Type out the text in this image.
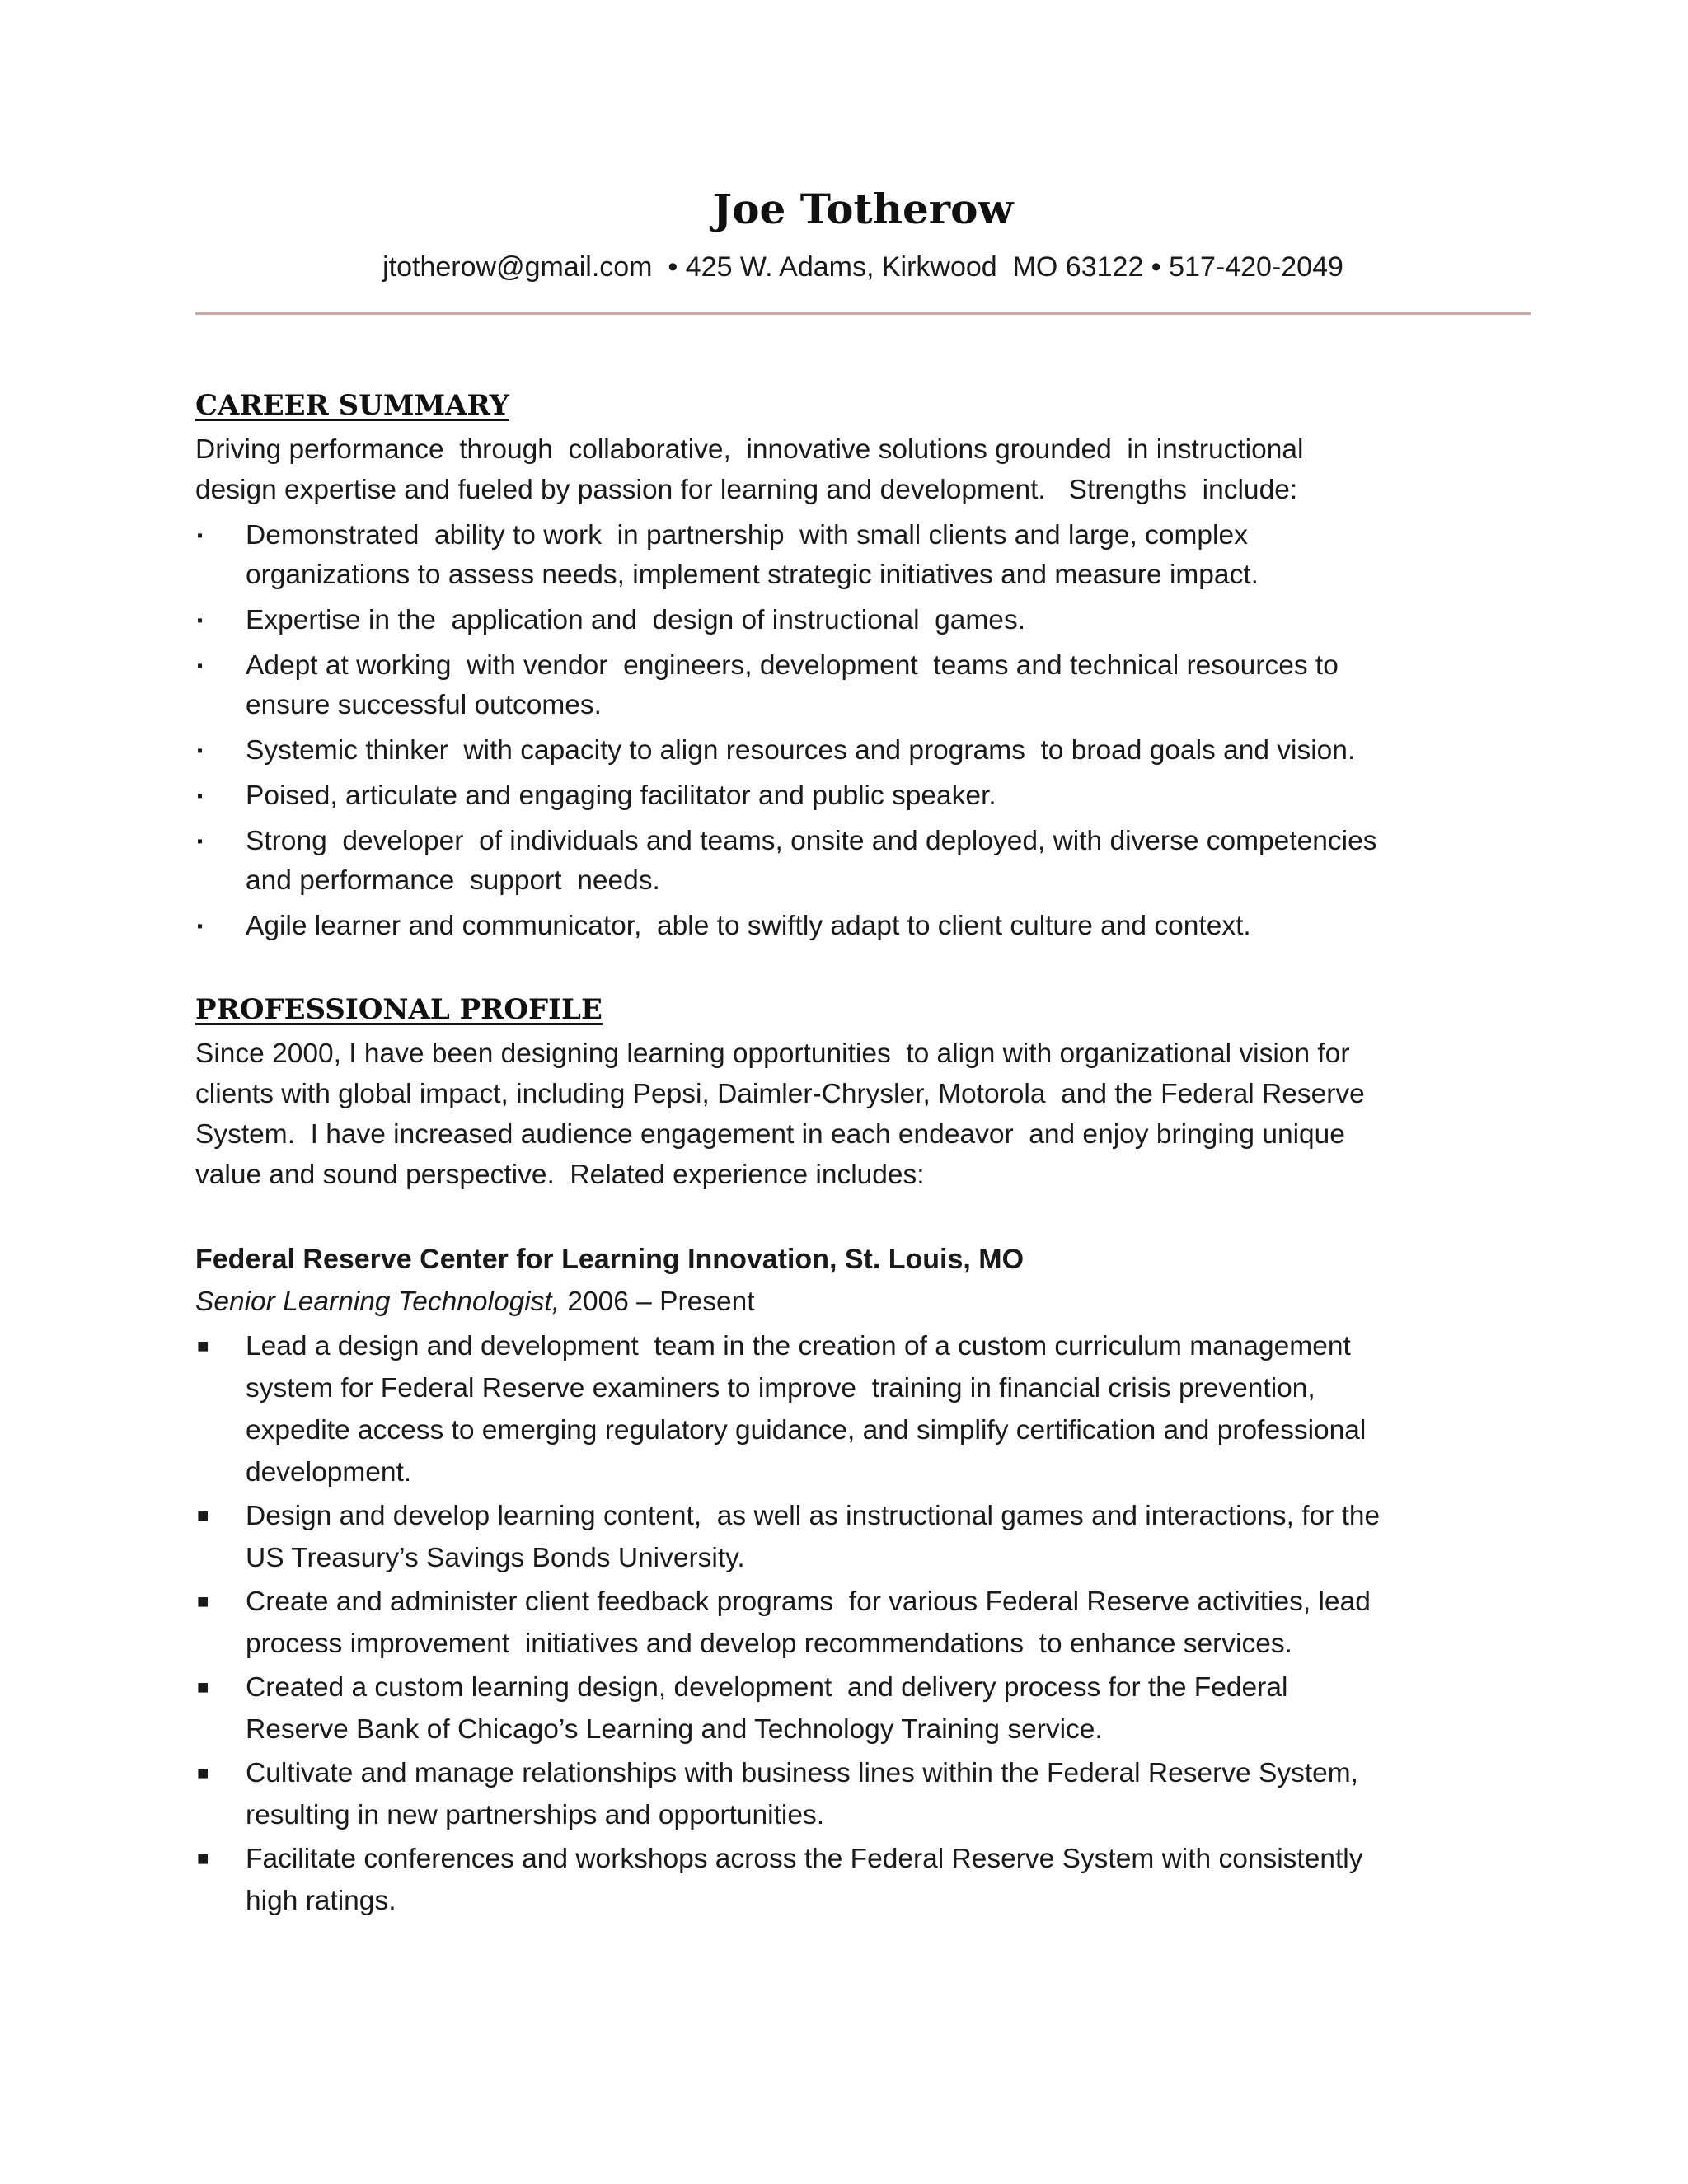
Joe Totherow
jtotherow@gmail.com  • 425 W. Adams, Kirkwood  MO 63122 • 517-420-2049
CAREER SUMMARY

Driving performance  through  collaborative,  innovative solutions grounded  in instructional
design expertise and fueled by passion for learning and development.   Strengths  include:

▪ Demonstrated  ability to work  in partnership  with small clients and large, complex
organizations to assess needs, implement strategic initiatives and measure impact.
▪ Expertise in the  application and  design of instructional  games.
▪ Adept at working  with vendor  engineers, development  teams and technical resources to
ensure successful outcomes.
▪ Systemic thinker  with capacity to align resources and programs  to broad goals and vision.
▪ Poised, articulate and engaging facilitator and public speaker.
▪ Strong  developer  of individuals and teams, onsite and deployed, with diverse competencies
and performance  support  needs.
▪ Agile learner and communicator,  able to swiftly adapt to client culture and context.
PROFESSIONAL PROFILE

Since 2000, I have been designing learning opportunities  to align with organizational vision for
clients with global impact, including Pepsi, Daimler-Chrysler, Motorola  and the Federal Reserve
System.  I have increased audience engagement in each endeavor  and enjoy bringing unique
value and sound perspective.  Related experience includes:

Federal Reserve Center for Learning Innovation, St. Louis, MO
Senior Learning Technologist, 2006 – Present
■ Lead a design and development  team in the creation of a custom curriculum management
system for Federal Reserve examiners to improve  training in financial crisis prevention,
expedite access to emerging regulatory guidance, and simplify certification and professional
development.
■ Design and develop learning content,  as well as instructional games and interactions, for the
US Treasury’s Savings Bonds University.
■ Create and administer client feedback programs  for various Federal Reserve activities, lead
process improvement  initiatives and develop recommendations  to enhance services.
■ Created a custom learning design, development  and delivery process for the Federal
Reserve Bank of Chicago’s Learning and Technology Training service.
■ Cultivate and manage relationships with business lines within the Federal Reserve System,
resulting in new partnerships and opportunities.
■ Facilitate conferences and workshops across the Federal Reserve System with consistently
high ratings.
